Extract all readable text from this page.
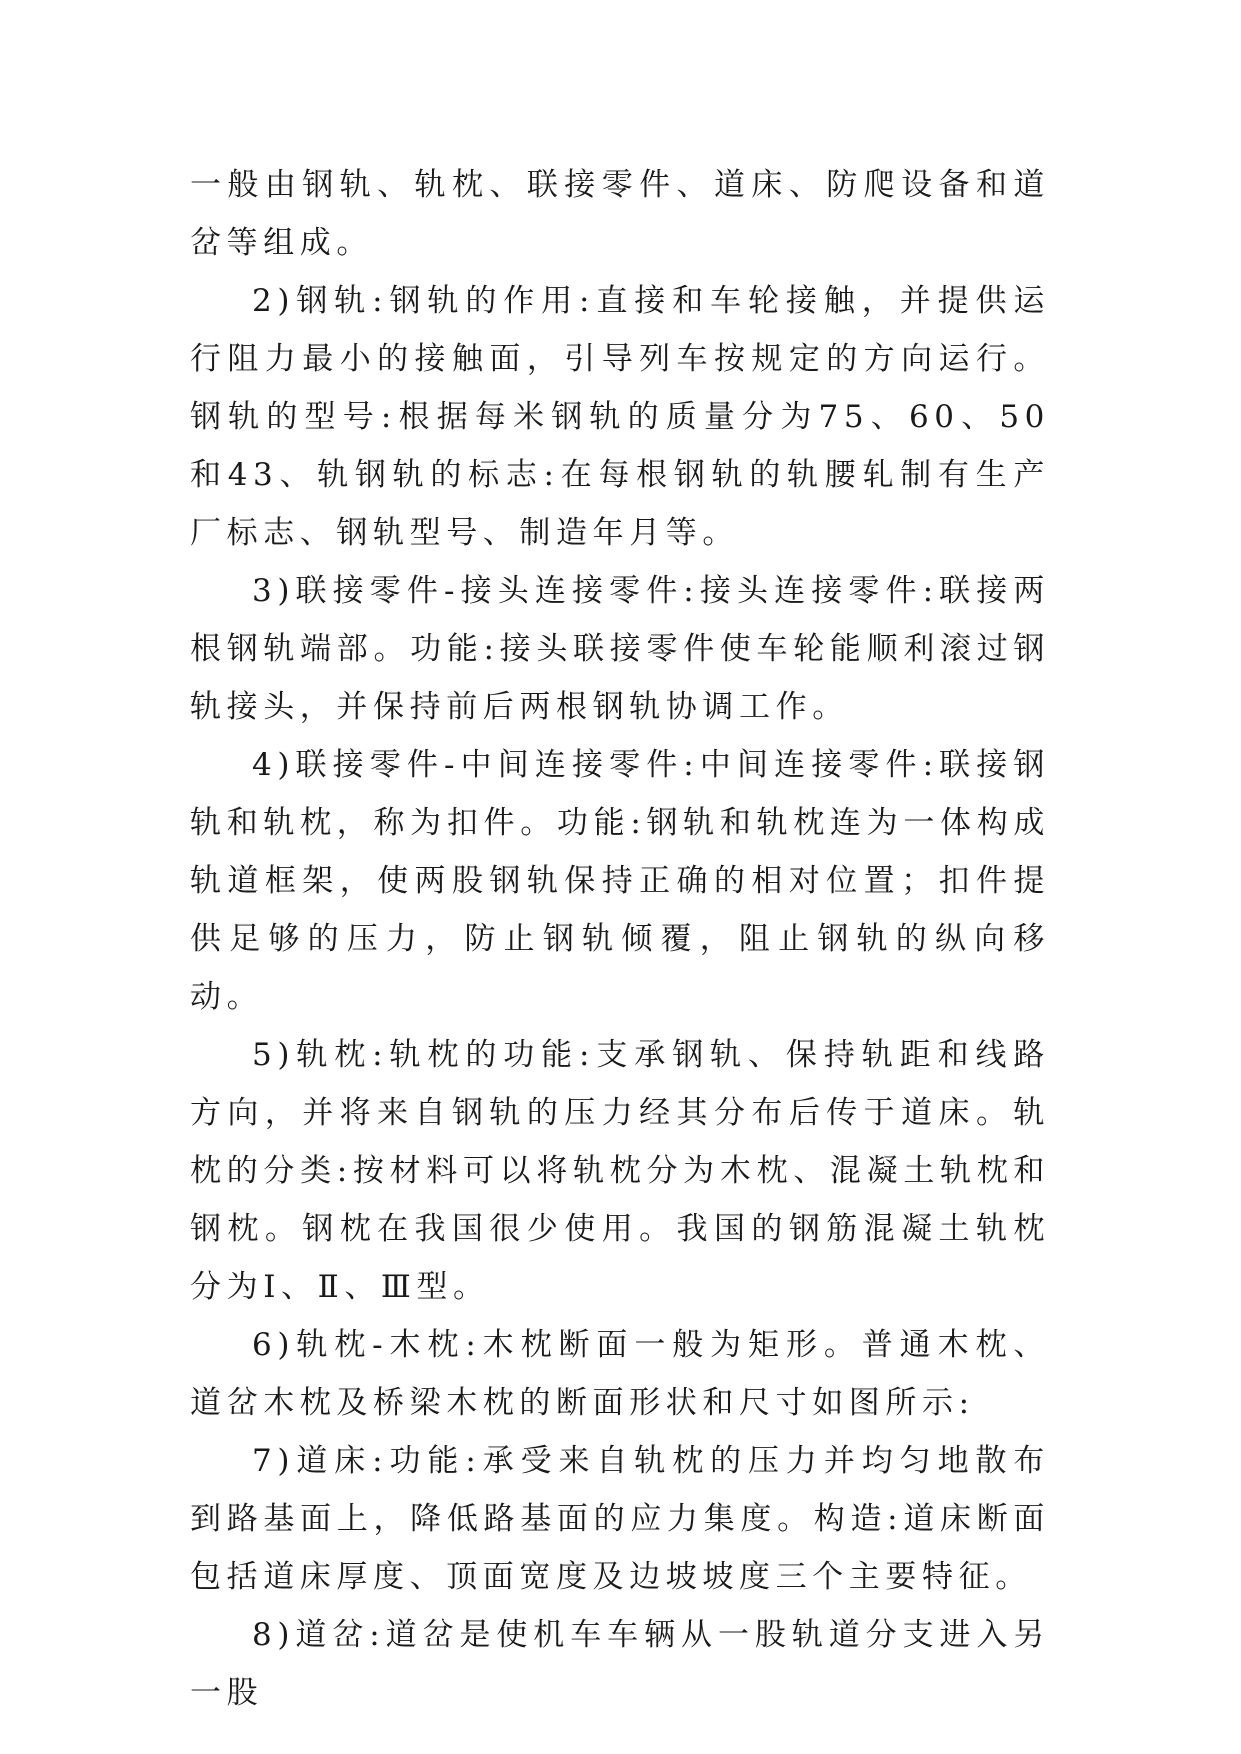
一般由钢轨、轨枕、联接零件、道床、防爬设备和道岔等组成。

2)钢轨:钢轨的作用:直接和车轮接触，并提供运行阻力最小的接触面，引导列车按规定的方向运行。钢轨的型号:根据每米钢轨的质量分为75、60、50和43、轨钢轨的标志:在每根钢轨的轨腰轧制有生产厂标志、钢轨型号、制造年月等。

3)联接零件-接头连接零件:接头连接零件:联接两根钢轨端部。功能:接头联接零件使车轮能顺利滚过钢轨接头，并保持前后两根钢轨协调工作。

4)联接零件-中间连接零件:中间连接零件:联接钢轨和轨枕，称为扣件。功能:钢轨和轨枕连为一体构成轨道框架，使两股钢轨保持正确的相对位置；扣件提供足够的压力，防止钢轨倾覆，阻止钢轨的纵向移动。

5)轨枕:轨枕的功能:支承钢轨、保持轨距和线路方向，并将来自钢轨的压力经其分布后传于道床。轨枕的分类:按材料可以将轨枕分为木枕、混凝土轨枕和钢枕。钢枕在我国很少使用。我国的钢筋混凝土轨枕分为Ⅰ、Ⅱ、Ⅲ型。

6)轨枕-木枕:木枕断面一般为矩形。普通木枕、道岔木枕及桥梁木枕的断面形状和尺寸如图所示:

7)道床:功能:承受来自轨枕的压力并均匀地散布到路基面上，降低路基面的应力集度。构造:道床断面包括道床厚度、顶面宽度及边坡坡度三个主要特征。

8)道岔:道岔是使机车车辆从一股轨道分支进入另一股
